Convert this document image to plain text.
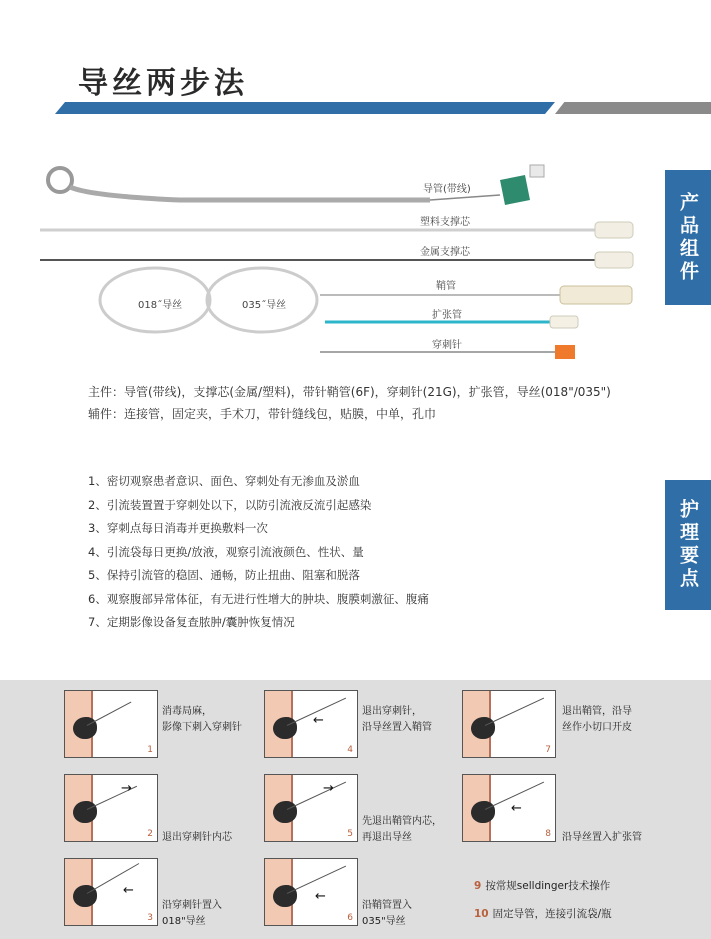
导丝两步法
产品组件
护理要点
导管(带线)
塑料支撑芯
金属支撑芯
018˝导丝	035˝导丝
鞘管
扩张管
穿刺针
主件：导管(带线)，支撑芯(金属/塑料)，带针鞘管(6F)，穿刺针(21G)，扩张管，导丝(018"/035")
辅件：连接管，固定夹，手术刀，带针缝线包，贴膜，中单，孔巾
1、密切观察患者意识、面色、穿刺处有无渗血及淤血
2、引流装置置于穿刺处以下，以防引流液反流引起感染
3、穿刺点每日消毒并更换敷料一次
4、引流袋每日更换/放液，观察引流液颜色、性状、量
5、保持引流管的稳固、通畅，防止扭曲、阻塞和脱落
6、观察腹部异常体征，有无进行性增大的肿块、腹膜刺激征、腹痛
7、定期影像设备复查脓肿/囊肿恢复情况
1
消毒局麻，
影像下刺入穿刺针
→
2 退出穿刺针内芯
←
3
沿穿刺针置入
018"导丝
←
4
退出穿刺针，
沿导丝置入鞘管
→
5
先退出鞘管内芯，
再退出导丝
←
6
沿鞘管置入
035"导丝
7
退出鞘管，沿导
丝作小切口开皮
←
8 沿导丝置入扩张管
9 按常规selldinger技术操作
10 固定导管，连接引流袋/瓶
